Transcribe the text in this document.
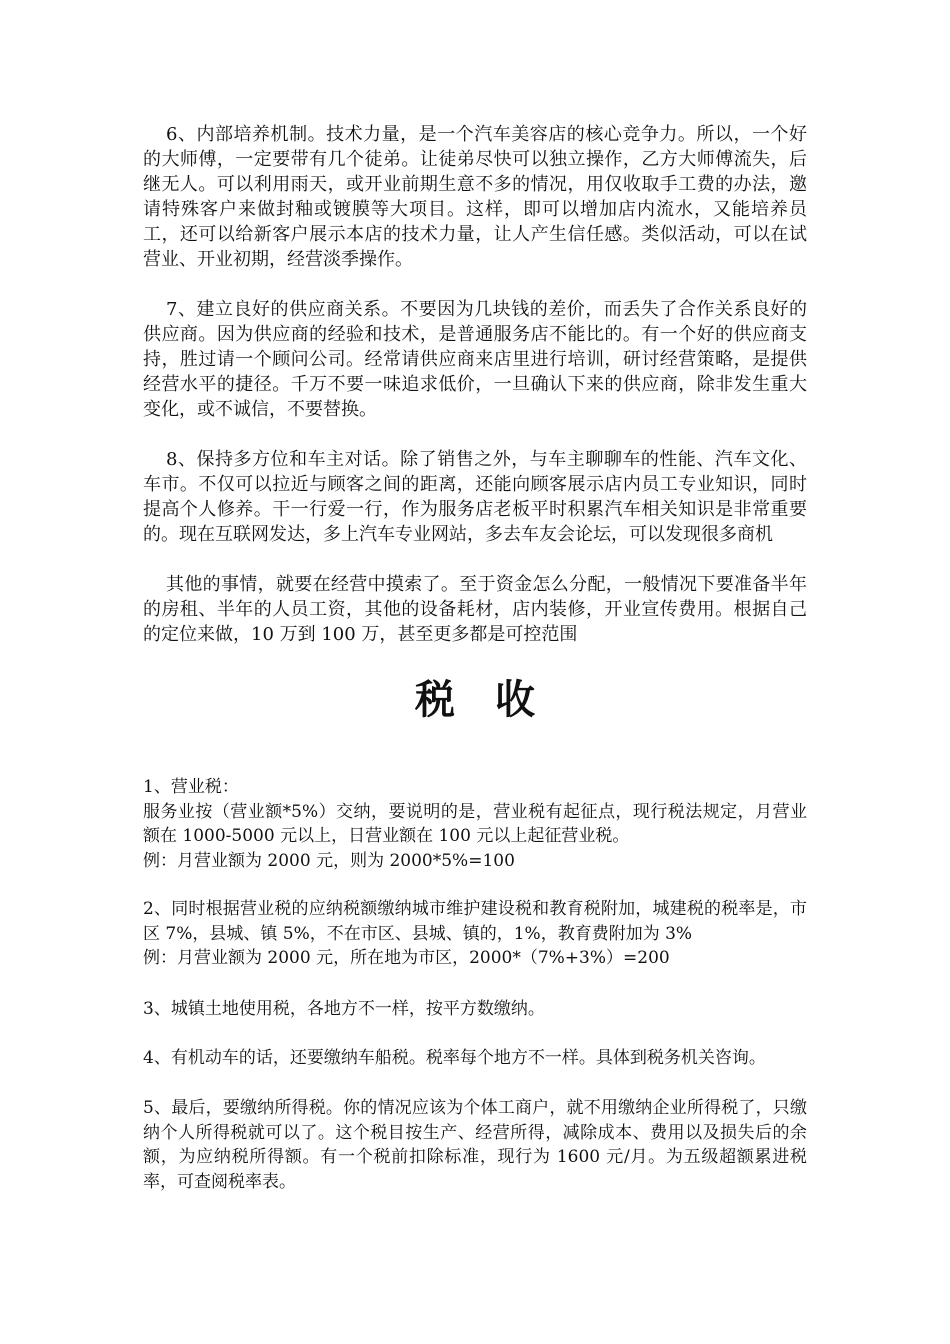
6、内部培养机制。技术力量，是一个汽车美容店的核心竞争力。所以，一个好的大师傅，一定要带有几个徒弟。让徒弟尽快可以独立操作，乙方大师傅流失，后继无人。可以利用雨天，或开业前期生意不多的情况，用仅收取手工费的办法，邀请特殊客户来做封釉或镀膜等大项目。这样，即可以增加店内流水，又能培养员工，还可以给新客户展示本店的技术力量，让人产生信任感。类似活动，可以在试营业、开业初期，经营淡季操作。

7、建立良好的供应商关系。不要因为几块钱的差价，而丢失了合作关系良好的供应商。因为供应商的经验和技术，是普通服务店不能比的。有一个好的供应商支持，胜过请一个顾问公司。经常请供应商来店里进行培训，研讨经营策略，是提供经营水平的捷径。千万不要一味追求低价，一旦确认下来的供应商，除非发生重大变化，或不诚信，不要替换。

8、保持多方位和车主对话。除了销售之外，与车主聊聊车的性能、汽车文化、车市。不仅可以拉近与顾客之间的距离，还能向顾客展示店内员工专业知识，同时提高个人修养。干一行爱一行，作为服务店老板平时积累汽车相关知识是非常重要的。现在互联网发达，多上汽车专业网站，多去车友会论坛，可以发现很多商机

其他的事情，就要在经营中摸索了。至于资金怎么分配，一般情况下要准备半年的房租、半年的人员工资，其他的设备耗材，店内装修，开业宣传费用。根据自己的定位来做，10 万到 100 万，甚至更多都是可控范围

税收
1、营业税：
服务业按（营业额*5%）交纳，要说明的是，营业税有起征点，现行税法规定，月营业额在 1000-5000 元以上，日营业额在 100 元以上起征营业税。
例：月营业额为 2000 元，则为 2000*5%=100
2、同时根据营业税的应纳税额缴纳城市维护建设税和教育税附加，城建税的税率是，市区 7%，县城、镇 5%，不在市区、县城、镇的，1%，教育费附加为 3%
例：月营业额为 2000 元，所在地为市区，2000*（7%+3%）=200

3、城镇土地使用税，各地方不一样，按平方数缴纳。

4、有机动车的话，还要缴纳车船税。税率每个地方不一样。具体到税务机关咨询。

5、最后，要缴纳所得税。你的情况应该为个体工商户，就不用缴纳企业所得税了，只缴纳个人所得税就可以了。这个税目按生产、经营所得，减除成本、费用以及损失后的余额，为应纳税所得额。有一个税前扣除标准，现行为 1600 元/月。为五级超额累进税率，可查阅税率表。
